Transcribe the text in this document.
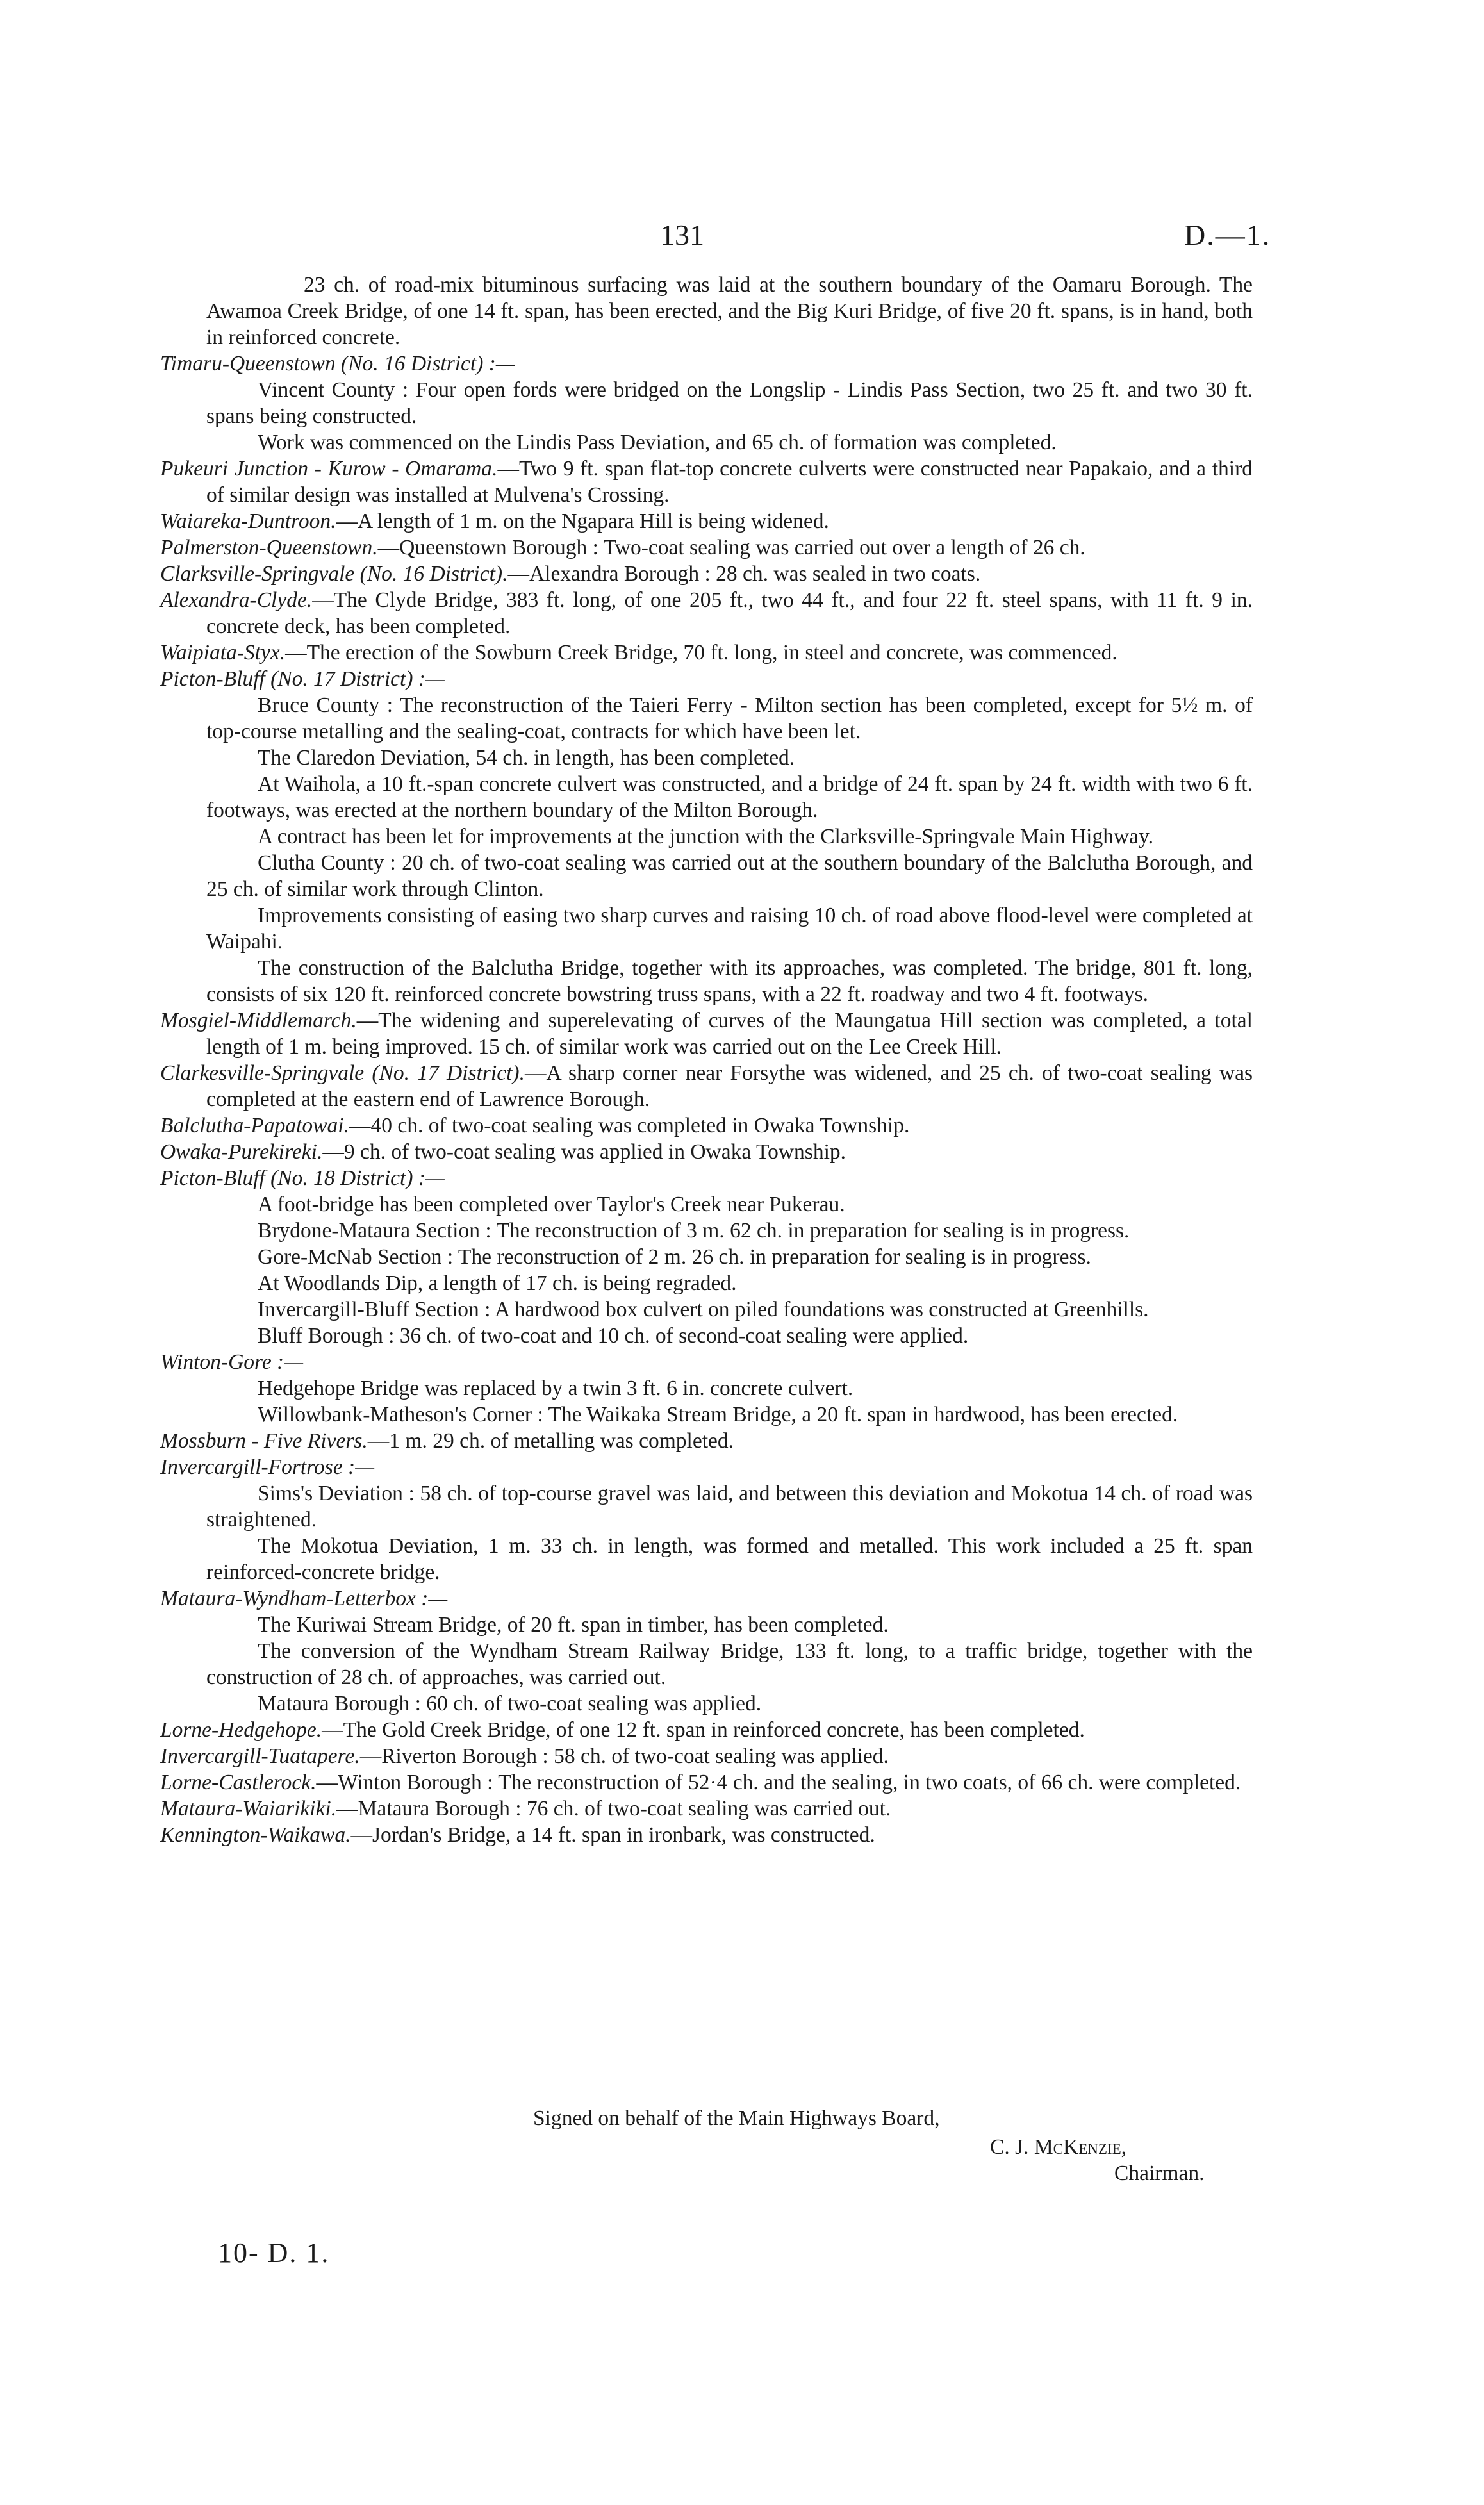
131	D.—1.

23 ch. of road-mix bituminous surfacing was laid at the southern boundary of the Oamaru Borough. The Awamoa Creek Bridge, of one 14 ft. span, has been erected, and the Big Kuri Bridge, of five 20 ft. spans, is in hand, both in reinforced concrete.

Timaru-Queenstown (No. 16 District) :—

Vincent County : Four open fords were bridged on the Longslip - Lindis Pass Section, two 25 ft. and two 30 ft. spans being constructed.

Work was commenced on the Lindis Pass Deviation, and 65 ch. of formation was completed.

Pukeuri Junction - Kurow - Omarama.—Two 9 ft. span flat-top concrete culverts were constructed near Papakaio, and a third of similar design was installed at Mulvena's Crossing.

Waiareka-Duntroon.—A length of 1 m. on the Ngapara Hill is being widened.

Palmerston-Queenstown.—Queenstown Borough : Two-coat sealing was carried out over a length of 26 ch.

Clarksville-Springvale (No. 16 District).—Alexandra Borough : 28 ch. was sealed in two coats.

Alexandra-Clyde.—The Clyde Bridge, 383 ft. long, of one 205 ft., two 44 ft., and four 22 ft. steel spans, with 11 ft. 9 in. concrete deck, has been completed.

Waipiata-Styx.—The erection of the Sowburn Creek Bridge, 70 ft. long, in steel and concrete, was commenced.

Picton-Bluff (No. 17 District) :—

Bruce County : The reconstruction of the Taieri Ferry - Milton section has been completed, except for 5½ m. of top-course metalling and the sealing-coat, contracts for which have been let.

The Claredon Deviation, 54 ch. in length, has been completed.

At Waihola, a 10 ft.-span concrete culvert was constructed, and a bridge of 24 ft. span by 24 ft. width with two 6 ft. footways, was erected at the northern boundary of the Milton Borough.

A contract has been let for improvements at the junction with the Clarksville-Springvale Main Highway.

Clutha County : 20 ch. of two-coat sealing was carried out at the southern boundary of the Balclutha Borough, and 25 ch. of similar work through Clinton.

Improvements consisting of easing two sharp curves and raising 10 ch. of road above flood-level were completed at Waipahi.

The construction of the Balclutha Bridge, together with its approaches, was completed. The bridge, 801 ft. long, consists of six 120 ft. reinforced concrete bowstring truss spans, with a 22 ft. roadway and two 4 ft. footways.

Mosgiel-Middlemarch.—The widening and superelevating of curves of the Maungatua Hill section was completed, a total length of 1 m. being improved. 15 ch. of similar work was carried out on the Lee Creek Hill.

Clarkesville-Springvale (No. 17 District).—A sharp corner near Forsythe was widened, and 25 ch. of two-coat sealing was completed at the eastern end of Lawrence Borough.

Balclutha-Papatowai.—40 ch. of two-coat sealing was completed in Owaka Township.

Owaka-Purekireki.—9 ch. of two-coat sealing was applied in Owaka Township.

Picton-Bluff (No. 18 District) :—

A foot-bridge has been completed over Taylor's Creek near Pukerau.

Brydone-Mataura Section : The reconstruction of 3 m. 62 ch. in preparation for sealing is in progress.

Gore-McNab Section : The reconstruction of 2 m. 26 ch. in preparation for sealing is in progress.

At Woodlands Dip, a length of 17 ch. is being regraded.

Invercargill-Bluff Section : A hardwood box culvert on piled foundations was constructed at Greenhills.

Bluff Borough : 36 ch. of two-coat and 10 ch. of second-coat sealing were applied.

Winton-Gore :—

Hedgehope Bridge was replaced by a twin 3 ft. 6 in. concrete culvert.

Willowbank-Matheson's Corner : The Waikaka Stream Bridge, a 20 ft. span in hardwood, has been erected.

Mossburn - Five Rivers.—1 m. 29 ch. of metalling was completed.

Invercargill-Fortrose :—

Sims's Deviation : 58 ch. of top-course gravel was laid, and between this deviation and Mokotua 14 ch. of road was straightened.

The Mokotua Deviation, 1 m. 33 ch. in length, was formed and metalled. This work included a 25 ft. span reinforced-concrete bridge.

Mataura-Wyndham-Letterbox :—

The Kuriwai Stream Bridge, of 20 ft. span in timber, has been completed.

The conversion of the Wyndham Stream Railway Bridge, 133 ft. long, to a traffic bridge, together with the construction of 28 ch. of approaches, was carried out.

Mataura Borough : 60 ch. of two-coat sealing was applied.

Lorne-Hedgehope.—The Gold Creek Bridge, of one 12 ft. span in reinforced concrete, has been completed.

Invercargill-Tuatapere.—Riverton Borough : 58 ch. of two-coat sealing was applied.

Lorne-Castlerock.—Winton Borough : The reconstruction of 52·4 ch. and the sealing, in two coats, of 66 ch. were completed.

Mataura-Waiarikiki.—Mataura Borough : 76 ch. of two-coat sealing was carried out.

Kennington-Waikawa.—Jordan's Bridge, a 14 ft. span in ironbark, was constructed.

Signed on behalf of the Main Highways Board,
C. J. McKenzie,
Chairman.
10- D. 1.
